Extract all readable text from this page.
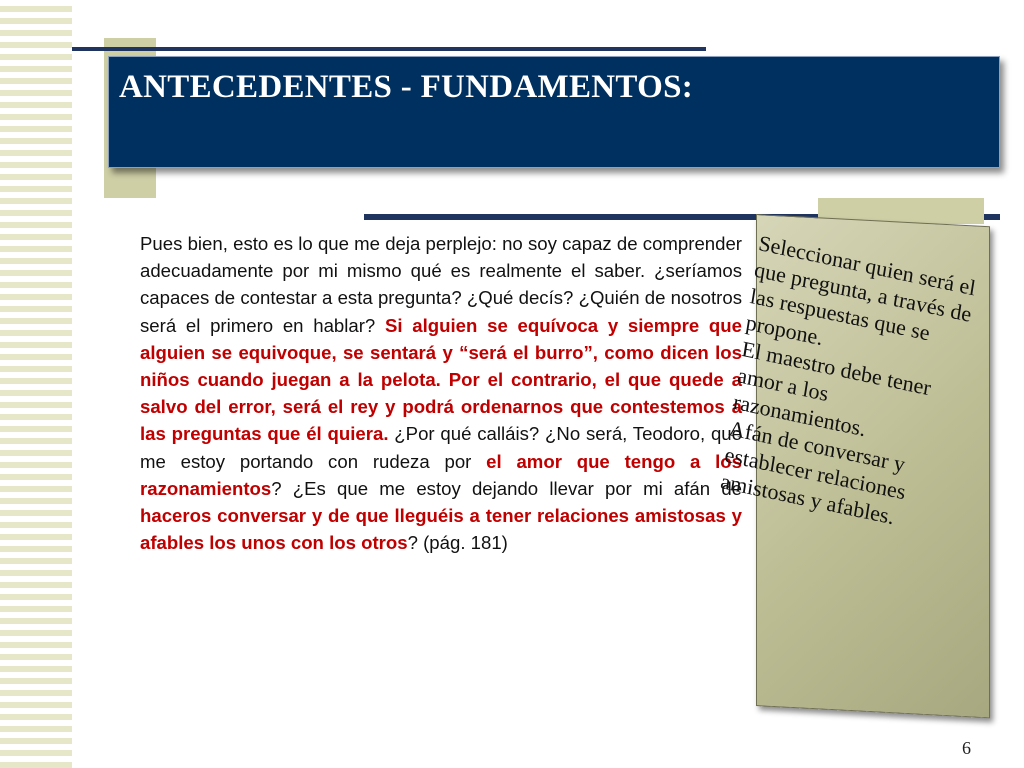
ANTECEDENTES - FUNDAMENTOS:
Pues bien, esto es lo que me deja perplejo: no soy capaz de comprender adecuadamente por mi mismo qué es realmente el saber. ¿seríamos capaces de contestar a esta pregunta? ¿Qué decís? ¿Quién de nosotros será el primero en hablar? Si alguien se equívoca y siempre que alguien se equivoque, se sentará y “será el burro”, como dicen los niños cuando juegan a la pelota. Por el contrario, el que quede a salvo del error, será el rey y podrá ordenarnos que contestemos a las preguntas que él quiera. ¿Por qué calláis? ¿No será, Teodoro, que me estoy portando con rudeza por el amor que tengo a los razonamientos? ¿Es que me estoy dejando llevar por mi afán de haceros conversar y de que lleguéis a tener relaciones amistosas y afables los unos con los otros? (pág. 181)
Seleccionar quien será el que pregunta, a través de las respuestas que se propone.
El maestro debe tener amor a los razonamientos.
Afán de conversar y establecer relaciones amistosas y afables.
6
